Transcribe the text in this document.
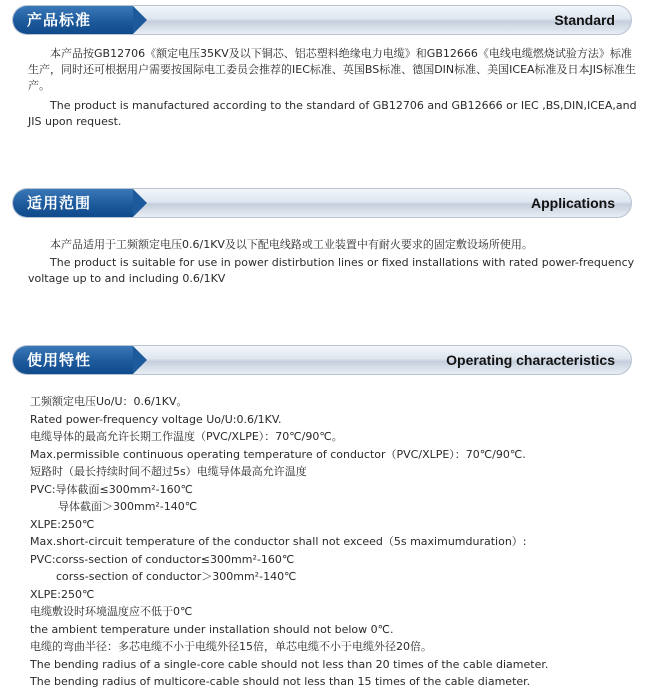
产品标准	Standard

本产品按GB12706《额定电压35KV及以下铜芯、铝芯塑料绝缘电力电缆》和GB12666《电线电缆燃烧试验方法》标准生产，同时还可根据用户需要按国际电工委员会推荐的IEC标准、英国BS标准、德国DIN标准、美国ICEA标准及日本JIS标准生产。

The product is manufactured according to the standard of GB12706 and GB12666 or IEC ,BS,DIN,ICEA,and JIS upon request.

适用范围	Applications

本产品适用于工频额定电压0.6/1KV及以下配电线路或工业装置中有耐火要求的固定敷设场所使用。

The product is suitable for use in power distirbution lines or fixed installations with rated power-frequency voltage up to and including 0.6/1KV

使用特性	Operating characteristics
工频额定电压Uo/U：0.6/1KV。
Rated power-frequency voltage Uo/U:0.6/1KV.
电缆导体的最高允许长期工作温度（PVC/XLPE）：70℃/90℃。
Max.permissible continuous operating temperature of conductor（PVC/XLPE）：70℃/90℃.
短路时（最长持续时间不超过5s）电缆导体最高允许温度
PVC:导体截面≤300mm²-160℃
导体截面＞300mm²-140℃
XLPE:250℃
Max.short-circuit temperature of the conductor shall not exceed（5s maximumduration）:
PVC:corss-section of conductor≤300mm²-160℃
corss-section of conductor＞300mm²-140℃
XLPE:250℃
电缆敷设时环境温度应不低于0℃
the ambient temperature under installation should not below 0℃.
电缆的弯曲半径：多芯电缆不小于电缆外径15倍，单芯电缆不小于电缆外径20倍。
The bending radius of a single-core cable should not less than 20 times of the cable diameter.
The bending radius of multicore-cable should not less than 15 times of the cable diameter.
